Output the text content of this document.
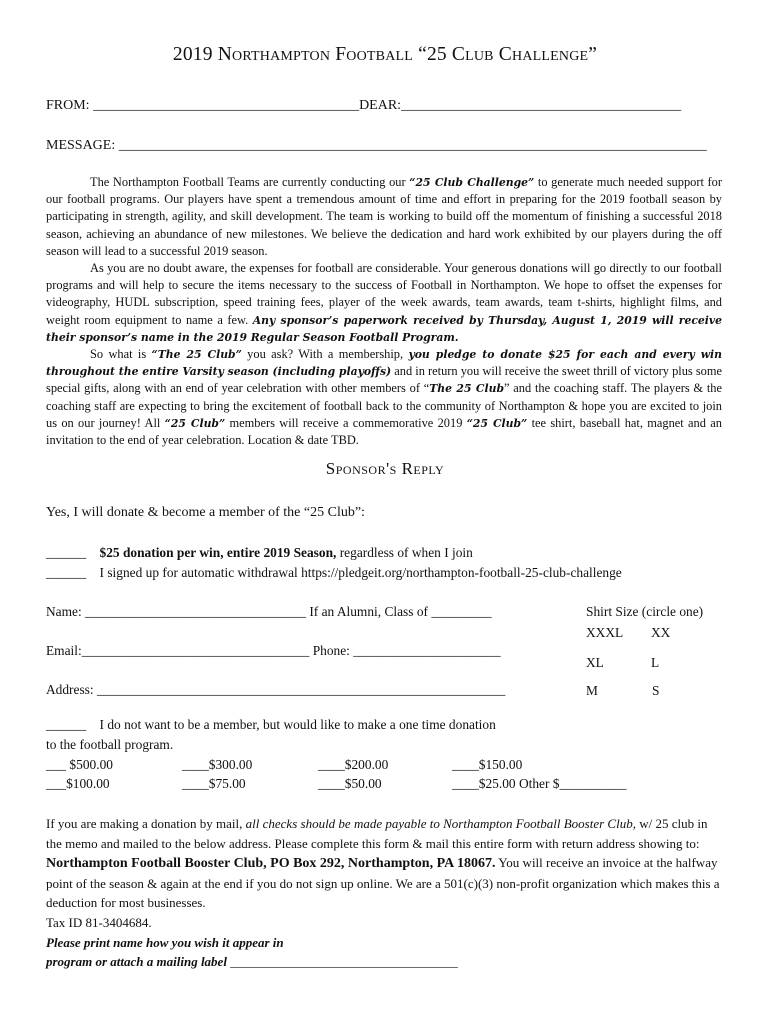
2019 Northampton Football “25 Club Challenge”
FROM: ______________________________________DEAR:________________________________________
MESSAGE: ____________________________________________________________________________________

The Northampton Football Teams are currently conducting our “25 Club Challenge” to generate much needed support for our football programs. Our players have spent a tremendous amount of time and effort in preparing for the 2019 football season by participating in strength, agility, and skill development. The team is working to build off the momentum of finishing a successful 2018 season, achieving an abundance of new milestones. We believe the dedication and hard work exhibited by our players during the off season will lead to a successful 2019 season.

As you are no doubt aware, the expenses for football are considerable. Your generous donations will go directly to our football programs and will help to secure the items necessary to the success of Football in Northampton. We hope to offset the expenses for videography, HUDL subscription, speed training fees, player of the week awards, team awards, team t-shirts, highlight films, and weight room equipment to name a few. Any sponsor’s paperwork received by Thursday, August 1, 2019 will receive their sponsor’s name in the 2019 Regular Season Football Program.

So what is “The 25 Club” you ask? With a membership, you pledge to donate $25 for each and every win throughout the entire Varsity season (including playoffs) and in return you will receive the sweet thrill of victory plus some special gifts, along with an end of year celebration with other members of “The 25 Club” and the coaching staff. The players & the coaching staff are expecting to bring the excitement of football back to the community of Northampton & hope you are excited to join us on our journey! All “25 Club” members will receive a commemorative 2019 “25 Club” tee shirt, baseball hat, magnet and an invitation to the end of year celebration. Location & date TBD.

Sponsor's Reply
Yes, I will donate & become a member of the “25 Club”:
______ $25 donation per win, entire 2019 Season, regardless of when I join
______ I signed up for automatic withdrawal https://pledgeit.org/northampton-football-25-club-challenge
Name: _________________________________ If an Alumni, Class of _________
Email:__________________________________ Phone: ______________________
Address: _____________________________________________________________
Shirt Size (circle one)
XXXL XX
XL	L
M	S
______ I do not want to be a member, but would like to make a one time donation
to the football program.
___ $500.00	____$300.00	____$200.00	____$150.00
___$100.00	____$75.00	____$50.00	____$25.00 Other $__________

If you are making a donation by mail, all checks should be made payable to Northampton Football Booster Club, w/ 25 club in the memo and mailed to the below address. Please complete this form & mail this entire form with return address showing to: Northampton Football Booster Club, PO Box 292, Northampton, PA 18067. You will receive an invoice at the halfway point of the season & again at the end if you do not sign up online. We are a 501(c)(3) non-profit organization which makes this a deduction for most businesses.

Tax ID 81-3404684.

Please print name how you wish it appear in

program or attach a mailing label ___________________________________
